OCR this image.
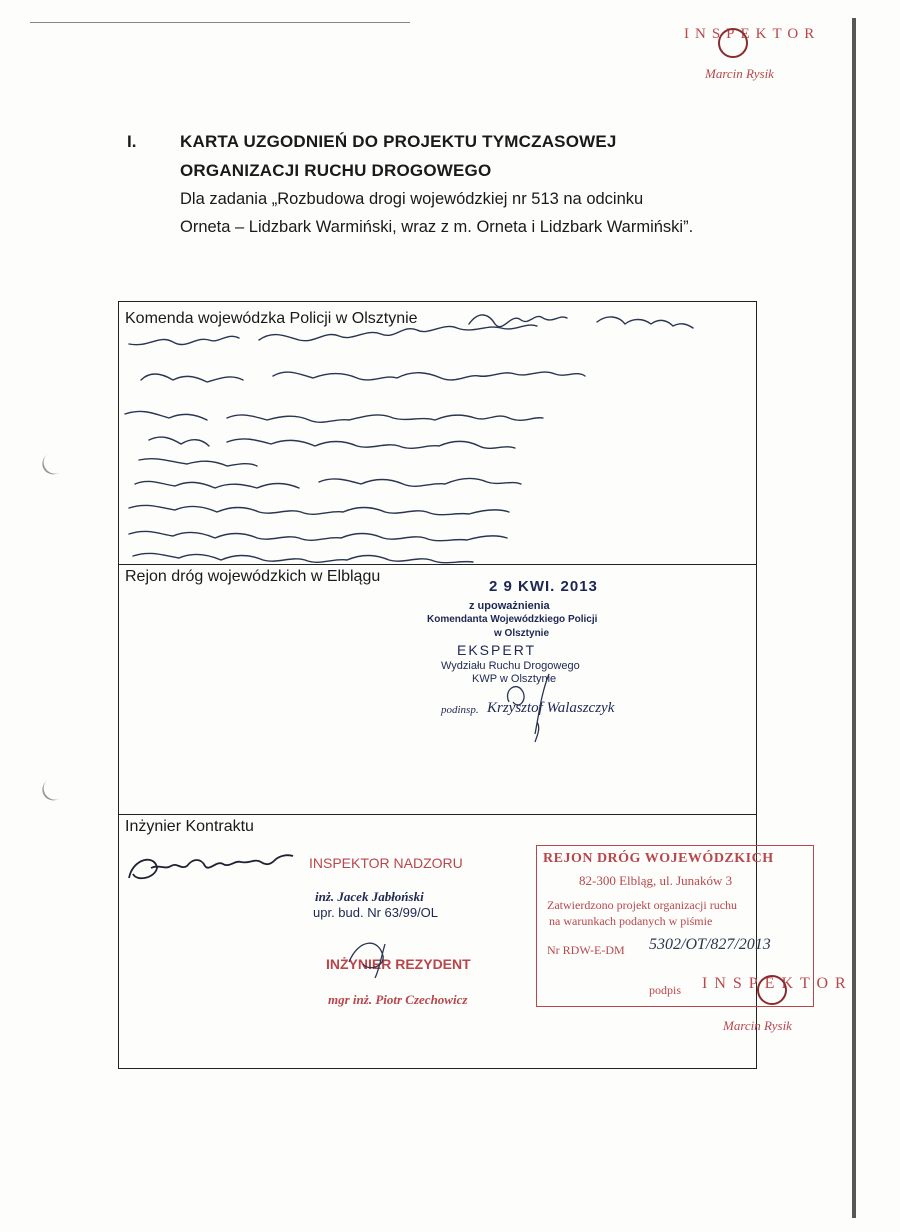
INSPEKTOR
Marcin Rysik
I.	KARTA UZGODNIEŃ DO PROJEKTU TYMCZASOWEJ
ORGANIZACJI RUCHU DROGOWEGO
Dla zadania „Rozbudowa drogi wojewódzkiej nr 513 na odcinku
Orneta – Lidzbark Warmiński, wraz z m. Orneta i Lidzbark Warmiński”.
Komenda wojewódzka Policji w Olsztynie
Rejon dróg wojewódzkich w Elblągu
2 9 KWI. 2013
z upoważnienia
Komendanta Wojewódzkiego Policji
w Olsztynie
EKSPERT
Wydziału Ruchu Drogowego
KWP w Olsztynie
podinsp. Krzysztof Walaszczyk
Inżynier Kontraktu
INSPEKTOR NADZORU
inż. Jacek Jabłoński
upr. bud. Nr 63/99/OL
INŻYNIER REZYDENT
mgr inż. Piotr Czechowicz
REJON DRÓG WOJEWÓDZKICH
82-300 Elbląg, ul. Junaków 3
Zatwierdzono projekt organizacji ruchu
na warunkach podanych w piśmie
Nr RDW-E-DM 5302/OT/827/2013
podpis INSPEKTOR
Marcin Rysik
